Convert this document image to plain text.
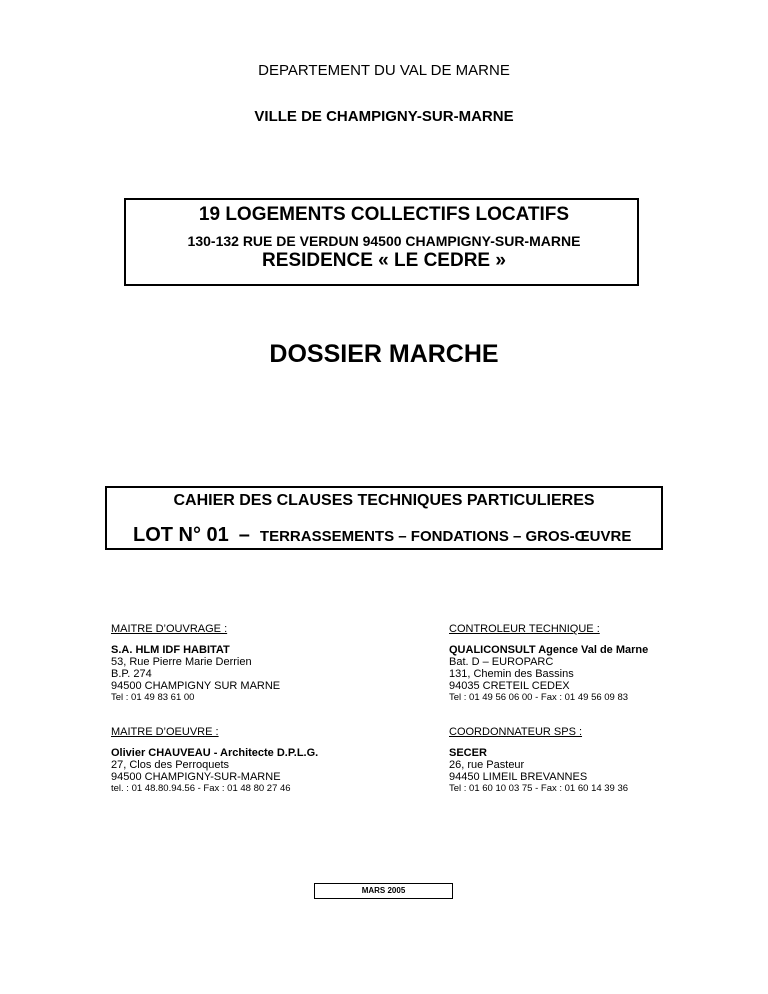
DEPARTEMENT DU VAL DE MARNE
VILLE DE CHAMPIGNY-SUR-MARNE
19 LOGEMENTS COLLECTIFS LOCATIFS
130-132 RUE DE VERDUN 94500 CHAMPIGNY-SUR-MARNE
RESIDENCE « LE CEDRE »
DOSSIER MARCHE
CAHIER DES CLAUSES TECHNIQUES PARTICULIERES
LOT N° 01 – TERRASSEMENTS – FONDATIONS – GROS-ŒUVRE
MAITRE D’OUVRAGE :
S.A. HLM IDF HABITAT
53, Rue Pierre Marie Derrien
B.P. 274
94500 CHAMPIGNY SUR MARNE
Tel : 01 49 83 61 00
CONTROLEUR TECHNIQUE :
QUALICONSULT Agence Val de Marne
Bat. D – EUROPARC
131, Chemin des Bassins
94035 CRETEIL CEDEX
Tel : 01 49 56 06 00 - Fax : 01 49 56 09 83
MAITRE D’OEUVRE :
Olivier CHAUVEAU - Architecte D.P.L.G.
27, Clos des Perroquets
94500 CHAMPIGNY-SUR-MARNE
tel. : 01 48.80.94.56 - Fax : 01 48 80 27 46
COORDONNATEUR SPS :
SECER
26, rue Pasteur
94450 LIMEIL BREVANNES
Tel : 01 60 10 03 75 - Fax : 01 60 14 39 36
MARS 2005
